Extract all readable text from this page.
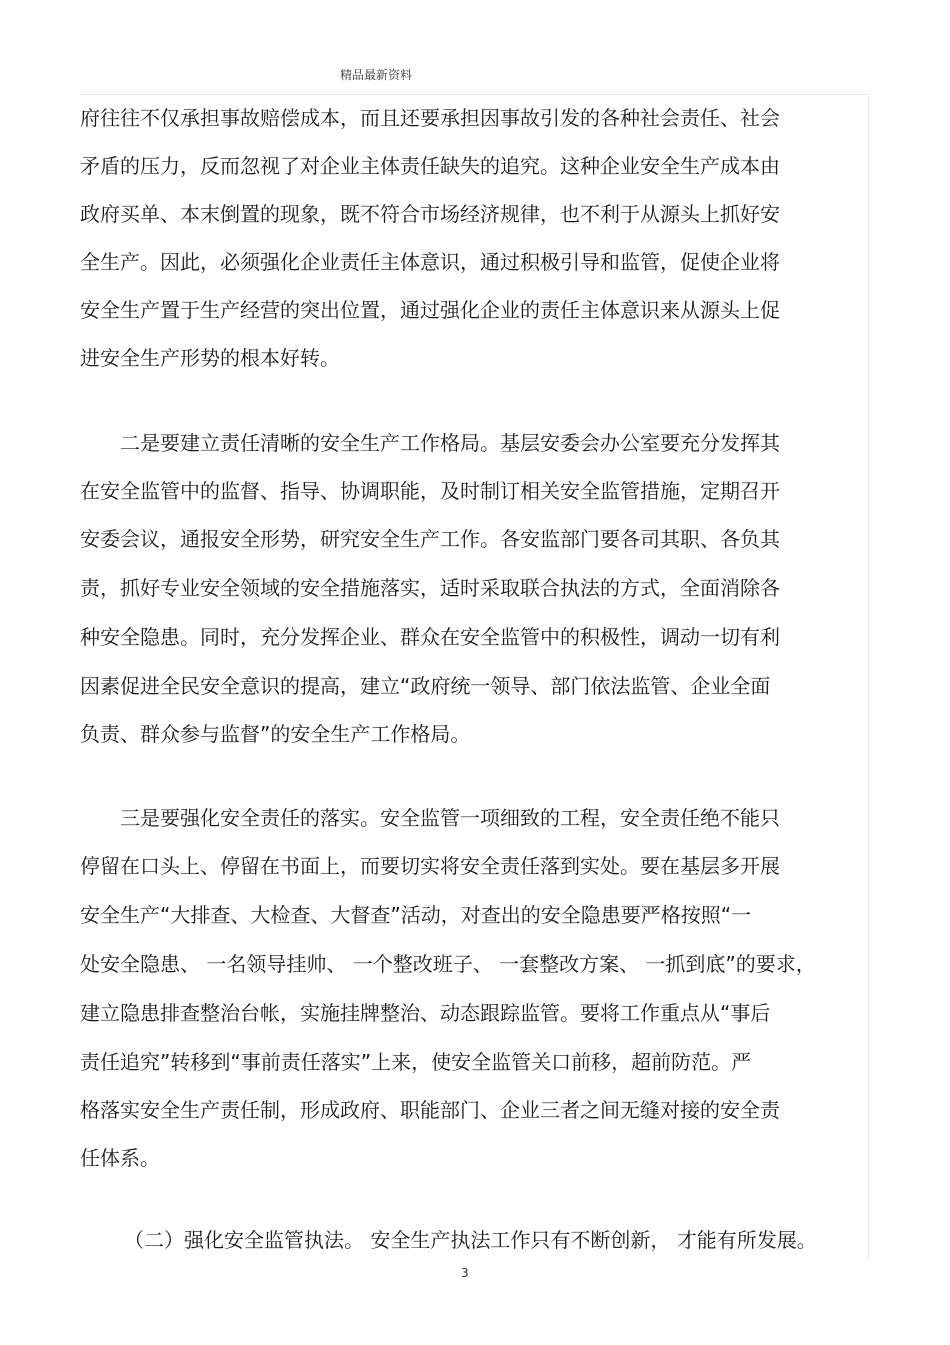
精品最新资料
府往往不仅承担事故赔偿成本，而且还要承担因事故引发的各种社会责任、社会
矛盾的压力，反而忽视了对企业主体责任缺失的追究。这种企业安全生产成本由
政府买单、本末倒置的现象，既不符合市场经济规律，也不利于从源头上抓好安
全生产。因此，必须强化企业责任主体意识，通过积极引导和监管，促使企业将
安全生产置于生产经营的突出位置，通过强化企业的责任主体意识来从源头上促
进安全生产形势的根本好转。
二是要建立责任清晰的安全生产工作格局。基层安委会办公室要充分发挥其
在安全监管中的监督、指导、协调职能，及时制订相关安全监管措施，定期召开
安委会议，通报安全形势，研究安全生产工作。各安监部门要各司其职、各负其
责，抓好专业安全领域的安全措施落实，适时采取联合执法的方式，全面消除各
种安全隐患。同时，充分发挥企业、群众在安全监管中的积极性，调动一切有利
因素促进全民安全意识的提高，建立“政府统一领导、部门依法监管、企业全面
负责、群众参与监督”的安全生产工作格局。
三是要强化安全责任的落实。安全监管一项细致的工程，安全责任绝不能只
停留在口头上、停留在书面上，而要切实将安全责任落到实处。要在基层多开展
安全生产“大排查、大检查、大督查”活动，对查出的安全隐患要严格按照“一
处安全隐患、 一名领导挂帅、 一个整改班子、 一套整改方案、 一抓到底”的要求，
建立隐患排查整治台帐，实施挂牌整治、动态跟踪监管。要将工作重点从“事后
责任追究”转移到“事前责任落实”上来，使安全监管关口前移，超前防范。严
格落实安全生产责任制，形成政府、职能部门、企业三者之间无缝对接的安全责
任体系。
（二）强化安全监管执法。 安全生产执法工作只有不断创新， 才能有所发展。
3
